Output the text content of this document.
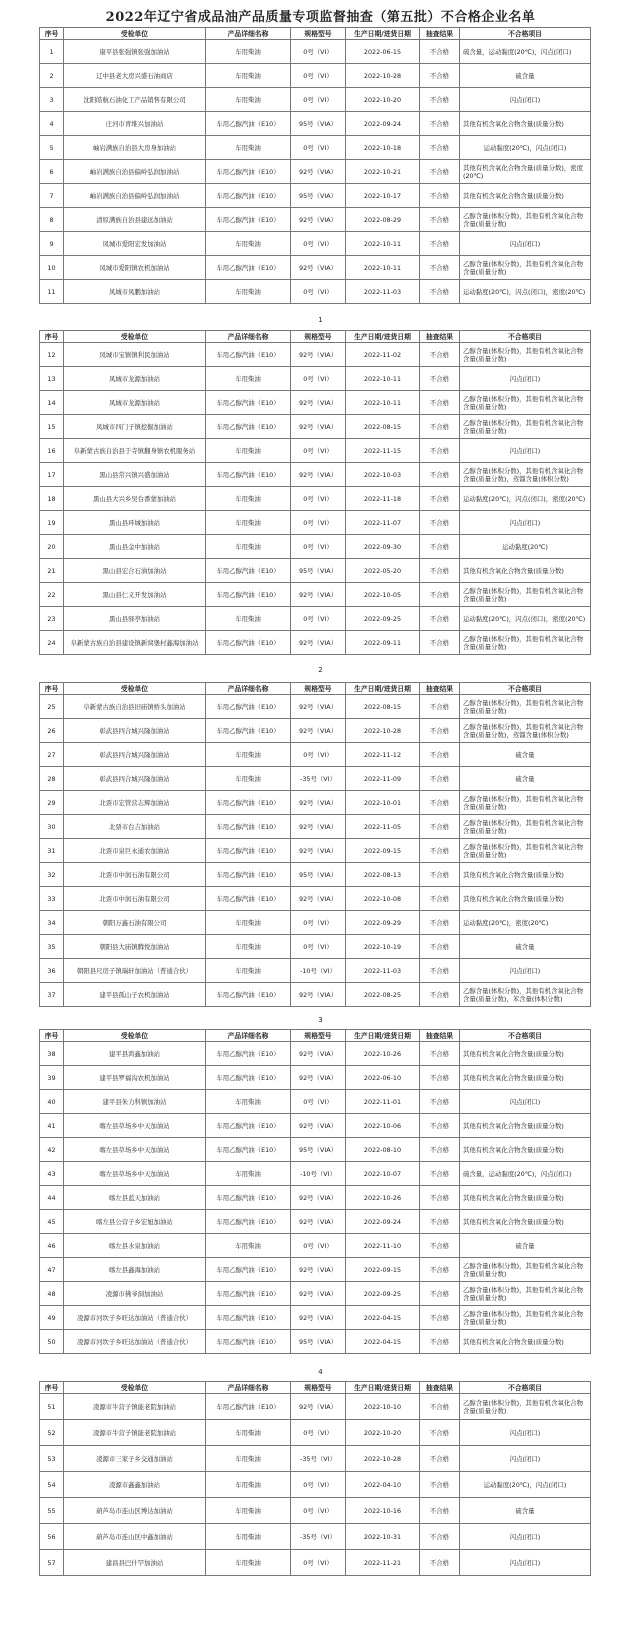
2022年辽宁省成品油产品质量专项监督抽查（第五批）不合格企业名单
序号	受检单位	产品详细名称	规格型号	生产日期/进货日期	抽查结果	不合格项目
1	康平县张强镇张强加油站	车用柴油	0号（VI）	2022-06-15	不合格	硫含量，运动黏度(20℃)，闪点(闭口)
2	辽中县老大房兴盛石油商店	车用柴油	0号（VI）	2022-10-28	不合格	硫含量
3	沈阳皓航石油化工产品销售有限公司	车用柴油	0号（VI）	2022-10-20	不合格	闪点(闭口)
4	庄河市青堆兴加油站	车用乙醇汽油（E10）	95号（VIA）	2022-09-24	不合格	其他有机含氧化合物含量(质量分数)
5	岫岩满族自治县大房身加油站	车用柴油	0号（VI）	2022-10-18	不合格	运动黏度(20℃)，闪点(闭口)
6	岫岩满族自治县偏岭弘润加油站	车用乙醇汽油（E10）	92号（VIA）	2022-10-21	不合格	其他有机含氧化合物含量(质量分数)，密度(20℃)
7	岫岩满族自治县偏岭弘润加油站	车用乙醇汽油（E10）	95号（VIA）	2022-10-17	不合格	其他有机含氧化合物含量(质量分数)
8	清原满族自治县建远加油站	车用乙醇汽油（E10）	92号（VIA）	2022-08-29	不合格	乙醇含量(体积分数)，其他有机含氧化合物含量(质量分数)
9	凤城市爱阳宏发加油站	车用柴油	0号（VI）	2022-10-11	不合格	闪点(闭口)
10	凤城市爱阳镇农机加油站	车用乙醇汽油（E10）	92号（VIA）	2022-10-11	不合格	乙醇含量(体积分数)，其他有机含氧化合物含量(质量分数)
11	凤城市凤鹏加油站	车用柴油	0号（VI）	2022-11-03	不合格	运动黏度(20℃)，闪点(闭口)，密度(20℃)
1
序号	受检单位	产品详细名称	规格型号	生产日期/进货日期	抽查结果	不合格项目
12	凤城市宝镇镇利民加油站	车用乙醇汽油（E10）	92号（VIA）	2022-11-02	不合格	乙醇含量(体积分数)，其他有机含氧化合物含量(质量分数)
13	凤城市龙源加油站	车用柴油	0号（VI）	2022-10-11	不合格	闪点(闭口)
14	凤城市龙源加油站	车用乙醇汽油（E10）	92号（VIA）	2022-10-11	不合格	乙醇含量(体积分数)，其他有机含氧化合物含量(质量分数)
15	凤城市四门子镇挖掘加油站	车用乙醇汽油（E10）	92号（VIA）	2022-08-15	不合格	乙醇含量(体积分数)，其他有机含氧化合物含量(质量分数)
16	阜新蒙古族自治县于寺镇翻身镇农机服务站	车用柴油	0号（VI）	2022-11-15	不合格	闪点(闭口)
17	黑山县常兴镇兴盛加油站	车用乙醇汽油（E10）	92号（VIA）	2022-10-03	不合格	乙醇含量(体积分数)，其他有机含氧化合物含量(质量分数)，蒸馏含量(体积分数)
18	黑山县大兴乡吴台番蒙加油站	车用柴油	0号（VI）	2022-11-18	不合格	运动黏度(20℃)，闪点(闭口)，密度(20℃)
19	黑山县环城加油站	车用柴油	0号（VI）	2022-11-07	不合格	闪点(闭口)
20	黑山县金中加油站	车用柴油	0号（VI）	2022-09-30	不合格	运动黏度(20℃)
21	黑山县宏合石油加油站	车用乙醇汽油（E10）	95号（VIA）	2022-05-20	不合格	其他有机含氧化合物含量(质量分数)
22	黑山县仁义开发加油站	车用乙醇汽油（E10）	92号（VIA）	2022-10-05	不合格	乙醇含量(体积分数)，其他有机含氧化合物含量(质量分数)
23	黑山县驿亭加油站	车用柴油	0号（VI）	2022-09-25	不合格	运动黏度(20℃)，闪点(闭口)，密度(20℃)
24	阜新蒙古族自治县建设镇新窝堡村鑫海加油站	车用乙醇汽油（E10）	92号（VIA）	2022-09-11	不合格	乙醇含量(体积分数)，其他有机含氧化合物含量(质量分数)
2
序号	受检单位	产品详细名称	规格型号	生产日期/进货日期	抽查结果	不合格项目
25	阜新蒙古族自治县旧庙镇桥头加油站	车用乙醇汽油（E10）	92号（VIA）	2022-08-15	不合格	乙醇含量(体积分数)，其他有机含氧化合物含量(质量分数)
26	彰武县四合城兴隆加油站	车用乙醇汽油（E10）	92号（VIA）	2022-10-28	不合格	乙醇含量(体积分数)，其他有机含氧化合物含量(质量分数)，蒸馏含量(体积分数)
27	彰武县四合城兴隆加油站	车用柴油	0号（VI）	2022-11-12	不合格	硫含量
28	彰武县四合城兴隆加油站	车用柴油	-35号（VI）	2022-11-09	不合格	硫含量
29	北票市宏管营志辉加油站	车用乙醇汽油（E10）	92号（VIA）	2022-10-01	不合格	乙醇含量(体积分数)，其他有机含氧化合物含量(质量分数)
30	北票市台吉加油站	车用乙醇汽油（E10）	92号（VIA）	2022-11-05	不合格	乙醇含量(体积分数)，其他有机含氧化合物含量(质量分数)
31	北票市泉巨永通农加油站	车用乙醇汽油（E10）	92号（VIA）	2022-09-15	不合格	乙醇含量(体积分数)，其他有机含氧化合物含量(质量分数)
32	北票市中润石油有限公司	车用乙醇汽油（E10）	95号（VIA）	2022-08-13	不合格	其他有机含氧化合物含量(质量分数)
33	北票市中润石油有限公司	车用乙醇汽油（E10）	92号（VIA）	2022-10-08	不合格	其他有机含氧化合物含量(质量分数)
34	朝阳万鑫石油有限公司	车用柴油	0号（VI）	2022-09-29	不合格	运动黏度(20℃)，密度(20℃)
35	朝阳县大庙镇腾悦加油站	车用柴油	0号（VI）	2022-10-19	不合格	硫含量
36	朝阳县尺房子镇瑞轩加油站（普通合伙）	车用柴油	-10号（VI）	2022-11-03	不合格	闪点(闭口)
37	建平县孤山子农机加油站	车用乙醇汽油（E10）	92号（VIA）	2022-08-25	不合格	乙醇含量(体积分数)，其他有机含氧化合物含量(质量分数)，苯含量(体积分数)
3
序号	受检单位	产品详细名称	规格型号	生产日期/进货日期	抽查结果	不合格项目
38	建平县鸿鑫加油站	车用乙醇汽油（E10）	92号（VIA）	2022-10-26	不合格	其他有机含氧化合物含量(质量分数)
39	建平县罗福沟农机加油站	车用乙醇汽油（E10）	92号（VIA）	2022-06-10	不合格	其他有机含氧化合物含量(质量分数)
40	建平县朱力科镇加油站	车用柴油	0号（VI）	2022-11-01	不合格	闪点(闭口)
41	喀左县草场乡中天加油站	车用乙醇汽油（E10）	92号（VIA）	2022-10-06	不合格	其他有机含氧化合物含量(质量分数)
42	喀左县草场乡中天加油站	车用乙醇汽油（E10）	95号（VIA）	2022-08-10	不合格	其他有机含氧化合物含量(质量分数)
43	喀左县草场乡中天加油站	车用柴油	-10号（VI）	2022-10-07	不合格	硫含量，运动黏度(20℃)，闪点(闭口)
44	喀左县蓝天加油站	车用乙醇汽油（E10）	92号（VIA）	2022-10-26	不合格	其他有机含氧化合物含量(质量分数)
45	喀左县公营子乡宏旭加油站	车用乙醇汽油（E10）	92号（VIA）	2022-09-24	不合格	其他有机含氧化合物含量(质量分数)
46	喀左县水泉加油站	车用柴油	0号（VI）	2022-11-10	不合格	硫含量
47	喀左县鑫海加油站	车用乙醇汽油（E10）	92号（VIA）	2022-09-15	不合格	乙醇含量(体积分数)，其他有机含氧化合物含量(质量分数)
48	凌源市佛爷洞加油站	车用乙醇汽油（E10）	92号（VIA）	2022-09-25	不合格	乙醇含量(体积分数)，其他有机含氧化合物含量(质量分数)
49	凌源市河坎子乡旺达加油站（普通合伙）	车用乙醇汽油（E10）	92号（VIA）	2022-04-15	不合格	乙醇含量(体积分数)，其他有机含氧化合物含量(质量分数)
50	凌源市河坎子乡旺达加油站（普通合伙）	车用乙醇汽油（E10）	95号（VIA）	2022-04-15	不合格	其他有机含氧化合物含量(质量分数)
4
序号	受检单位	产品详细名称	规格型号	生产日期/进货日期	抽查结果	不合格项目
51	凌源市牛营子镇能老院加油站	车用乙醇汽油（E10）	92号（VIA）	2022-10-10	不合格	乙醇含量(体积分数)，其他有机含氧化合物含量(质量分数)
52	凌源市牛营子镇能老院加油站	车用柴油	0号（VI）	2022-10-20	不合格	闪点(闭口)
53	凌源市三家子乡交通加油站	车用柴油	-35号（VI）	2022-10-28	不合格	闪点(闭口)
54	凌源市鑫鑫加油站	车用柴油	0号（VI）	2022-04-10	不合格	运动黏度(20℃)，闪点(闭口)
55	葫芦岛市连山区博达加油站	车用柴油	0号（VI）	2022-10-16	不合格	硫含量
56	葫芦岛市连山区中鑫加油站	车用柴油	-35号（VI）	2022-10-31	不合格	闪点(闭口)
57	建昌县巴什罕加油站	车用柴油	0号（VI）	2022-11-21	不合格	闪点(闭口)
